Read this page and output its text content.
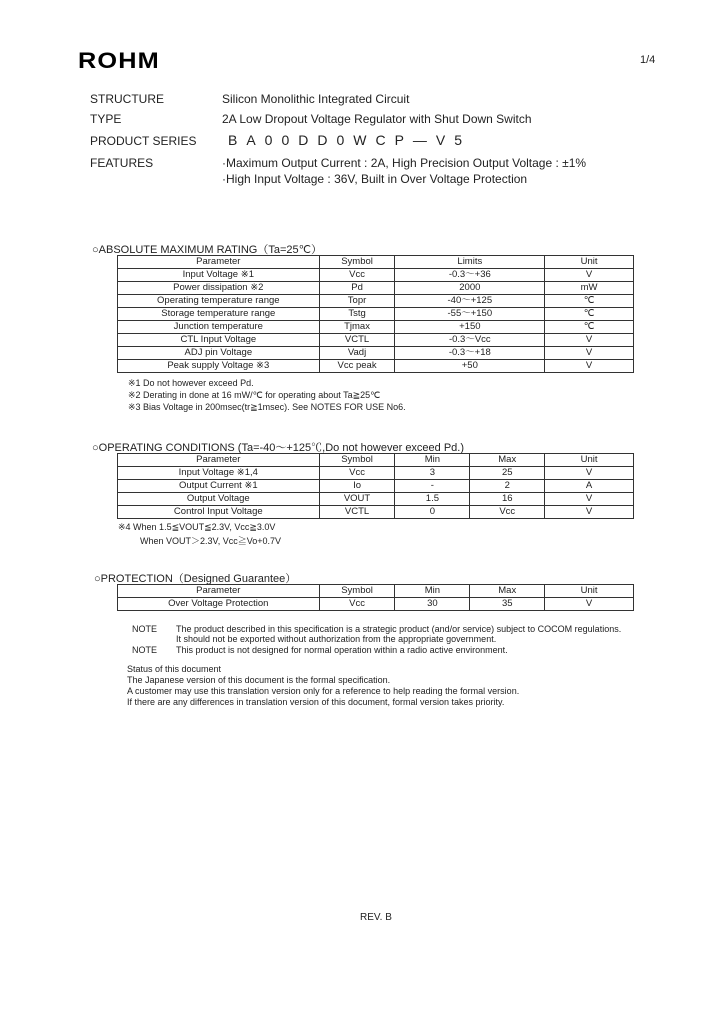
ROHM	1/4
STRUCTURE	Silicon Monolithic Integrated Circuit
TYPE	2A Low Dropout Voltage Regulator with Shut Down Switch
PRODUCT SERIES BA00DD0WCP—V5
FEATURES	·Maximum Output Current : 2A, High Precision Output Voltage : ±1%
·High Input Voltage : 36V, Built in Over Voltage Protection
○ABSOLUTE MAXIMUM RATING（Ta=25℃）
Parameter	Symbol	Limits	Unit
Input Voltage ※1	Vcc	-0.3～+36	V
Power dissipation ※2	Pd	2000	mW
Operating temperature range	Topr	-40～+125	℃
Storage temperature range	Tstg	-55～+150	℃
Junction temperature	Tjmax	+150	℃
CTL Input Voltage	VCTL	-0.3～Vcc	V
ADJ pin Voltage	Vadj	-0.3～+18	V
Peak supply Voltage ※3	Vcc peak	+50	V
※1 Do not however exceed Pd.
※2 Derating in done at 16 mW/℃ for operating about Ta≧25℃
※3 Bias Voltage in 200msec(tr≧1msec). See NOTES FOR USE No6.
○OPERATING CONDITIONS (Ta=-40～+125℃,Do not however exceed Pd.)
Parameter	Symbol	Min	Max	Unit
Input Voltage ※1,4	Vcc	3	25	V
Output Current ※1	Io	-	2	A
Output Voltage	VOUT	1.5	16	V
Control Input Voltage	VCTL	0	Vcc	V
※4 When 1.5≦VOUT≦2.3V, Vcc≧3.0V
When VOUT＞2.3V, Vcc≧Vo+0.7V
○PROTECTION（Designed Guarantee）
Parameter	Symbol	Min	Max	Unit
Over Voltage Protection	Vcc	30	35	V
NOTE The product described in this specification is a strategic product (and/or service) subject to COCOM regulations.
It should not be exported without authorization from the appropriate government.
NOTE This product is not designed for normal operation within a radio active environment.
Status of this document
The Japanese version of this document is the formal specification.
A customer may use this translation version only for a reference to help reading the formal version.
If there are any differences in translation version of this document, formal version takes priority.
REV. B
